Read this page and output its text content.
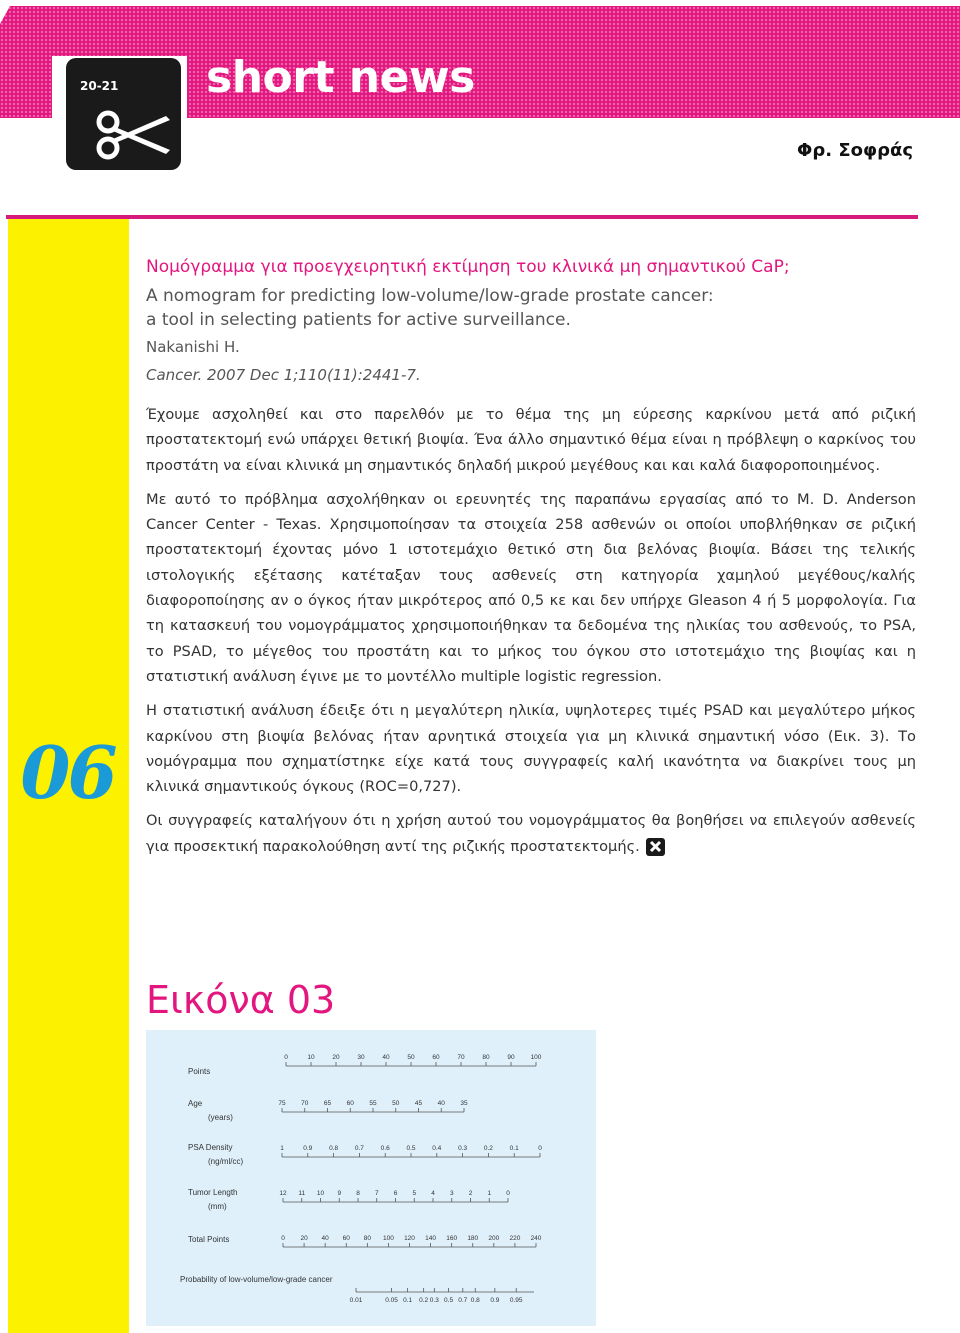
20-21 short news
Φρ. Σοφράς
06
Νομόγραμμα για προεγχειρητική εκτίμηση του κλινικά μη σημαντικού CaP;
A nomogram for predicting low-volume/low-grade prostate cancer:
a tool in selecting patients for active surveillance.
Nakanishi H.
Cancer. 2007 Dec 1;110(11):2441-7.

Έχουμε ασχοληθεί και στο παρελθόν με το θέμα της μη εύρεσης καρκίνου μετά από ριζική προστατεκτομή ενώ υπάρχει θετική βιοψία. Ένα άλλο σημαντικό θέμα είναι η πρόβλεψη ο καρκίνος του προστάτη να είναι κλινικά μη σημαντικός δηλαδή μικρού μεγέθους και και καλά διαφοροποιημένος.

Με αυτό το πρόβλημα ασχολήθηκαν οι ερευνητές της παραπάνω εργασίας από το M. D. Anderson Cancer Center - Texas. Χρησιμοποίησαν τα στοιχεία 258 ασθενών οι οποίοι υποβλήθηκαν σε ριζική προστατεκτομή έχοντας μόνο 1 ιστοτεμάχιο θετικό στη δια βελόνας βιοψία. Βάσει της τελικής ιστολογικής εξέτασης κατέταξαν τους ασθενείς στη κατηγορία χαμηλού μεγέθους/καλής διαφοροποίησης αν ο όγκος ήταν μικρότερος από 0,5 κε και δεν υπήρχε Gleason 4 ή 5 μορφολογία. Για τη κατασκευή του νομογράμματος χρησιμοποιήθηκαν τα δεδομένα της ηλικίας του ασθενούς, το PSA, το PSAD, το μέγεθος του προστάτη και το μήκος του όγκου στο ιστοτεμάχιο της βιοψίας και η στατιστική ανάλυση έγινε με το μοντέλλο multiple logistic regression.

Η στατιστική ανάλυση έδειξε ότι η μεγαλύτερη ηλικία, υψηλοτερες τιμές PSAD και μεγαλύτερο μήκος καρκίνου στη βιοψία βελόνας ήταν αρνητικά στοιχεία για μη κλινικά σημαντική νόσο (Εικ. 3). Το νομόγραμμα που σχηματίστηκε είχε κατά τους συγγραφείς καλή ικανότητα να διακρίνει τους μη κλινικά σημαντικούς όγκους (ROC=0,727).

Οι συγγραφείς καταλήγουν ότι η χρήση αυτού του νομογράμματος θα βοηθήσει να επιλεγούν ασθενείς για προσεκτική παρακολούθηση αντί της ριζικής προστατεκτομής.

Εικόνα 03
Points
0	10	20	30	40	50	60	70	80	90 100
Age
(years)
75 70 65 60 55 50 45 40 35
PSA Density
(ng/ml/cc)
1	0.9	0.8	0.7	0.6	0.5	0.4	0.3	0.2	0.1	0
Tumor Length
(mm)
12 11 10 9 8 7 6 5 4 3 2 1 0
Total Points	0 20 40 60 80 100 120 140 160 180 200 220 240
Probability of low-volume/low-grade cancer
0.01	0.05 0.1 0.2 0.3 0.5 0.7 0.8 0.9 0.95
